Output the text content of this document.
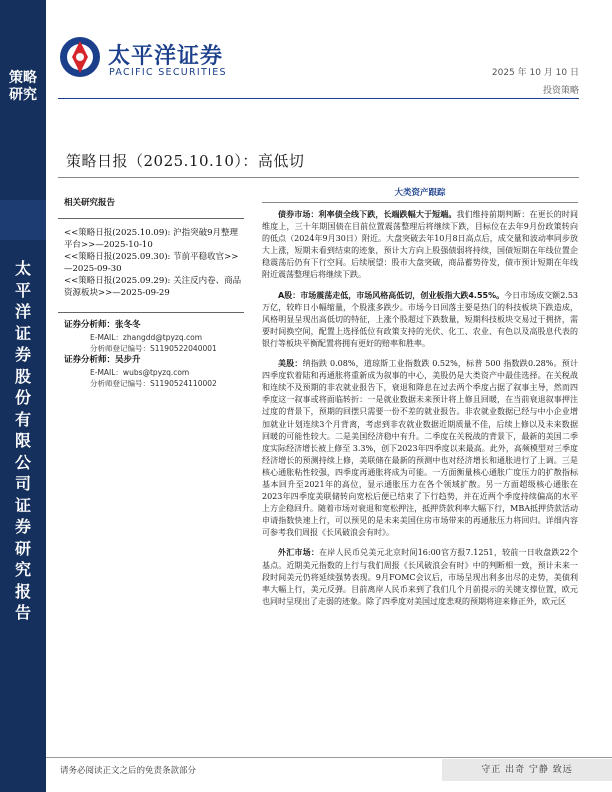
策略研究
太平洋证券股份有限公司证券研究报告
太平洋证券
PACIFIC SECURITIES	2025 年 10 月 10 日
投资策略
策略日报（2025.10.10）：高低切
相关研究报告
<<策略日报(2025.10.09): 沪指突破9月整理平台>>—2025-10-10
<<策略日报(2025.09.30): 节前平稳收官>>—2025-09-30
<<策略日报(2025.09.29): 关注反内卷、商品资源板块>>—2025-09-29
证券分析师：张冬冬
E-MAIL：zhangdd@tpyzq.com
分析师登记编号：S1190522040001
证券分析师：吴步升
E-MAIL：wubs@tpyzq.com
分析师登记编号：S1190524110002
大类资产跟踪

债券市场：利率债全线下跌，长端跌幅大于短端。我们维持前期判断：在更长的时间维度上，三十年期国债在目前位置震荡整理后将继续下跌，目标位在去年9月份政策转向的低点（2024年9月30日）附近。大盘突破去年10月8日高点后，成交量和波动率同步放大上涨，短期未看到结束的迹象，预计大方向上股强债弱将持续，国债短期在年线位置企稳震荡后仍有下行空间。后续展望：股市大盘突破，商品蓄势待发，债市预计短期在年线附近震荡整理后将继续下跌。

A股：市场震荡走低，市场风格高低切，创业板指大跌4.55%。今日市场成交额2.53万亿，较昨日小幅缩量，个股涨多跌少。市场今日回落主要是热门的科技板块下跌造成，风格明显呈现出高低切的特征，上涨个股超过下跌数量，短期科技板块交易过于拥挤，需要时间换空间，配置上选择低位有政策支持的光伏、化工、农业、有色以及高股息代表的银行等板块平衡配置将拥有更好的赔率和胜率。

美股：纳指跌 0.08%，道琼斯工业指数跌 0.52%，标普 500 指数跌0.28%。预计四季度软着陆和再通胀将重新成为叙事的中心，美股仍是大类资产中最佳选择。在关税战和连续不及预期的非农就业报告下，衰退和降息在过去两个季度占据了叙事主导，然而四季度这一叙事或将面临转折：一是就业数据未来预计将上修且回暖，在当前衰退叙事押注过度的背景下，预期的回摆只需要一份不差的就业报告。非农就业数据已经与中小企业增加就业计划连续3个月背离，考虑到非农就业数据近期质量不佳，后续上修以及未来数据回暖的可能性较大。二是美国经济稳中有升。二季度在关税战的背景下，最新的美国二季度实际经济增长被上修至 3.3%，创下2023年四季度以来最高。此外，高频模型对三季度经济增长的预测持续上修，美联储在最新的预测中也对经济增长和通胀进行了上调。三是核心通胀粘性较强，四季度再通胀将成为可能。一方面衡量核心通胀广度压力的扩散指标基本回升至2021年的高位，显示通胀压力在各个领域扩散。另一方面超级核心通胀在2023年四季度美联储转向宽松后便已结束了下行趋势，并在近两个季度持续偏高的水平上方企稳回升。随着市场对衰退和宽松押注，抵押贷款利率大幅下行，MBA抵押贷款活动申请指数快速上行，可以预见的是未来美国住房市场带来的再通胀压力将回归。详细内容可参考我们周报《长风破浪会有时》。

外汇市场：在岸人民币兑美元北京时间16:00官方报7.1251，较前一日收盘跌22个基点。近期美元指数的上行与我们周报《长风破浪会有时》中的判断相一致，预计未来一段时间美元仍将延续强势表现。9月FOMC会议后，市场呈现出利多出尽的走势，美债利率大幅上行，美元反弹。目前离岸人民币来到了我们几个月前提示的关键支撑位置，欧元也同时呈现出了走弱的迹象。除了四季度对美国过度悲观的预期将迎来修正外，欧元区

请务必阅读正文之后的免责条款部分	守正 出奇 宁静 致远
